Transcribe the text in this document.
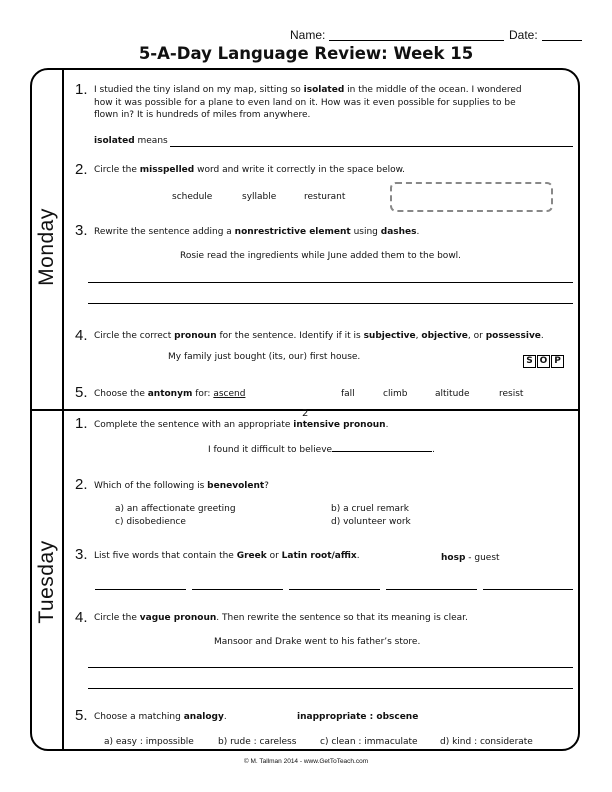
Name:	Date:
5-A-Day Language Review: Week 15
Monday
Tuesday
1. I studied the tiny island on my map, sitting so isolated in the middle of the ocean. I wondered
how it was possible for a plane to even land on it. How was it even possible for supplies to be
flown in? It is hundreds of miles from anywhere.
isolated means
2. Circle the misspelled word and write it correctly in the space below.
schedule	syllable	resturant
3. Rewrite the sentence adding a nonrestrictive element using dashes.
Rosie read the ingredients while June added them to the bowl.
4. Circle the correct pronoun for the sentence. Identify if it is subjective, objective, or possessive.
My family just bought (its, our) first house.	S O P
5. Choose the antonym for: ascend	fall	climb	altitude	resist
2
1. Complete the sentence with an appropriate intensive pronoun.
I found it difficult to believe	.
2. Which of the following is benevolent?
a) an affectionate greeting	b) a cruel remark
c) disobedience	d) volunteer work
3. List five words that contain the Greek or Latin root/affix.	hosp - guest
4. Circle the vague pronoun. Then rewrite the sentence so that its meaning is clear.
Mansoor and Drake went to his father’s store.
5. Choose a matching analogy.	inappropriate : obscene
a) easy : impossible	b) rude : careless	c) clean : immaculate d) kind : considerate
© M. Tallman 2014 - www.GetToTeach.com
